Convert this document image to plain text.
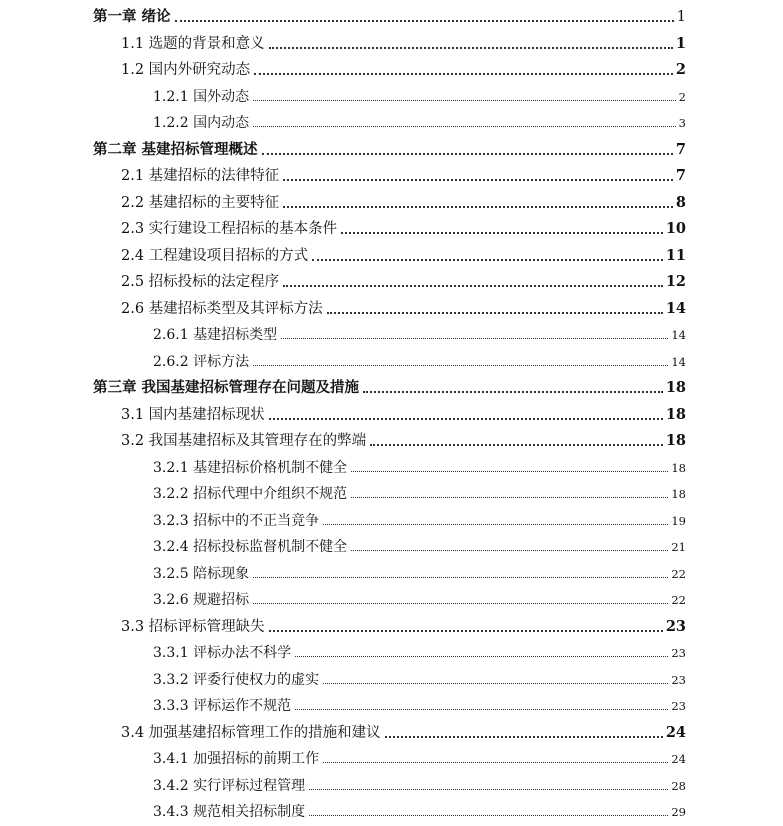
第一章 绪论	1
1.1 选题的背景和意义	1
1.2 国内外研究动态	2
1.2.1 国外动态	2
1.2.2 国内动态	3
第二章 基建招标管理概述	7
2.1 基建招标的法律特征	7
2.2 基建招标的主要特征	8
2.3 实行建设工程招标的基本条件	10
2.4 工程建设项目招标的方式	11
2.5 招标投标的法定程序	12
2.6 基建招标类型及其评标方法	14
2.6.1 基建招标类型	14
2.6.2 评标方法	14
第三章 我国基建招标管理存在问题及措施	18
3.1 国内基建招标现状	18
3.2 我国基建招标及其管理存在的弊端	18
3.2.1 基建招标价格机制不健全	18
3.2.2 招标代理中介组织不规范	18
3.2.3 招标中的不正当竞争	19
3.2.4 招标投标监督机制不健全	21
3.2.5 陪标现象	22
3.2.6 规避招标	22
3.3 招标评标管理缺失	23
3.3.1 评标办法不科学	23
3.3.2 评委行使权力的虚实	23
3.3.3 评标运作不规范	23
3.4 加强基建招标管理工作的措施和建议	24
3.4.1 加强招标的前期工作	24
3.4.2 实行评标过程管理	28
3.4.3 规范相关招标制度	29
